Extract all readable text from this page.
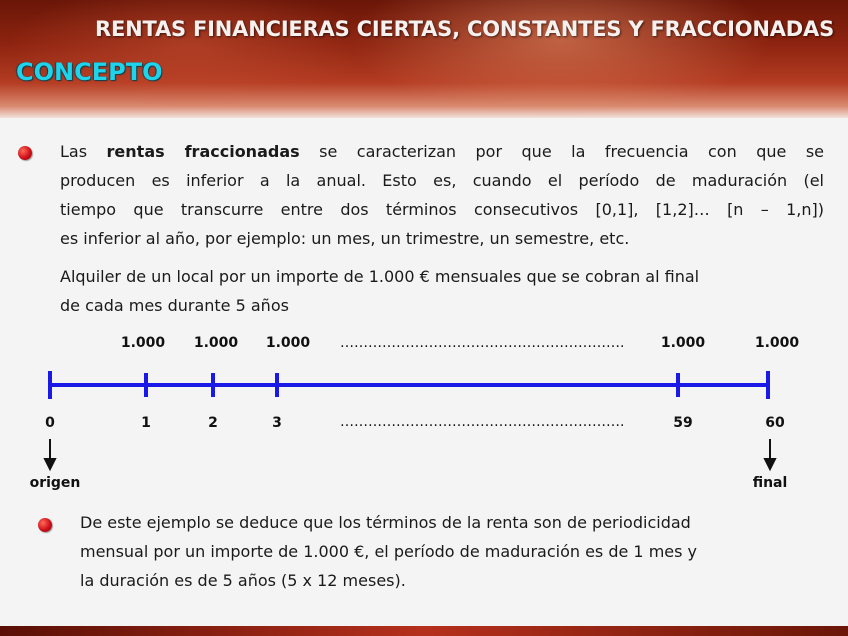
RENTAS FINANCIERAS CIERTAS, CONSTANTES Y FRACCIONADAS
CONCEPTO

Las rentas fraccionadas se caracterizan por que la frecuencia con que se
producen es inferior a la anual. Esto es, cuando el período de maduración (el
tiempo que transcurre entre dos términos consecutivos [0,1], [1,2]… [n – 1,n])
es inferior al año, por ejemplo: un mes, un trimestre, un semestre, etc.

Alquiler de un local por un importe de 1.000 € mensuales que se cobran al final
de cada mes durante 5 años

1.000 1.000 1.000	1.000	1.000
…………………………………………………….
0	1	2	3	59	60
…………………………………………………….
origen	final

De este ejemplo se deduce que los términos de la renta son de periodicidad
mensual por un importe de 1.000 €, el período de maduración es de 1 mes y
la duración es de 5 años (5 x 12 meses).
